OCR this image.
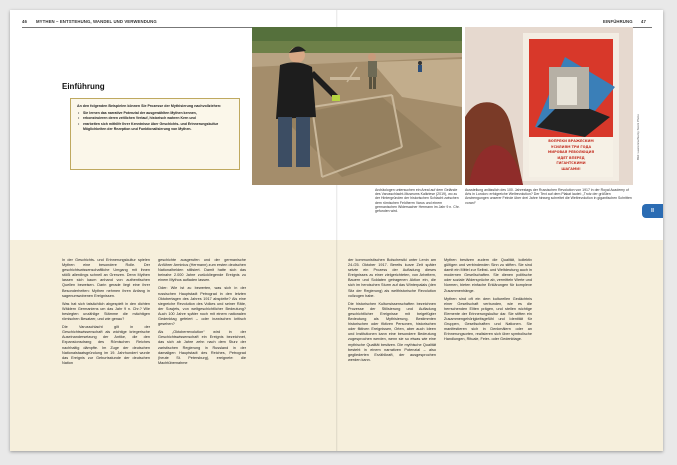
46 MYTHEN – ENTSTEHUNG, WANDEL UND VERWENDUNG	EINFÜHRUNG 47
Einführung
An den folgenden Beispielen können Sie Prozesse der Mythisierung nachvollziehen:
• Sie lernen das narrative Potenzial der ausgewählten Mythen kennen,
• rekonstruieren deren zeitlichen Verlauf, historisch wahren Kern und
• erarbeiten sich mithilfe Ihrer Kenntnisse über Geschichts- und Erinnerungskultur Möglichkeiten der Rezeption und Funktionalisierung von Mythen.
Archäologen untersuchen ein Areal auf dem Gelände des Varusschlacht-Museums Kalkriese (2019), wo zu der Hintergründen der historischen Schlacht zwischen dem römischen Feldherrn Varus und einem germanischen Widersacher Hermann im Jahr 9 n. Chr. gefunden wird.
ВОПРЕКИ ВРАЖЕСКИМ
УСИЛИЯМ ТРИ ГОДА
МИРОВАЯ РЕВОЛЮЦИЯ
ИДЕТ ВПЕРЕД
ГИГАНТСКИМИ
ШАГАМИ!
Bild: Lawrence/Alamy Stock Photo
Ausstellung anlässlich des 100. Jahrestags der Russischen Revolution von 1917 in der Royal Academy of Arts in London: erfolgreiche Weltrevolution? Der Text auf dem Plakat lautet: „Trotz der größten Anstrengungen unserer Feinde über drei Jahre hinweg schreitet die Weltrevolution in gigantischen Schritten voran!“
II

In der Geschichts- und Erinnerungskultur spielen Mythen eine besondere Rolle. Der geschichtswissenschaftliche Umgang mit ihnen stößt allerdings schnell an Grenzen. Denn Mythen lassen sich kaum anhand von authentischen Quellen beweisen. Darin gerade liegt eine ihrer Besonderheiten: Mythen nehmen ihren Anfang in sagenumwobenen Ereignissen.

Was hat sich tatsächlich abgespielt in den dichten Wäldern Germaniens um das Jahr 9 n. Chr.? Wie besiegten unzählige Stämme die mächtigen römischen Besatzer, und wie genau?

Die Varusschlacht gilt in der Geschichtswissenschaft als wichtige kriegerische Auseinandersetzung der Antike, die den Expansionsdrang des Römischen Reiches nachhaltig dämpfte. Im Zuge der deutschen Nationalstaatsgründung im 19. Jahrhundert wurde das Ereignis zur Geburtsstunde der deutschen Nation

geschichte ausgerufen und der germanische Anführer Arminius (Hermann) zum ersten deutschen Nationalhelden stilisiert. Damit hatte sich das beinahe 2.000 Jahre zurückliegende Ereignis zu einem Mythos aufladen lassen.

Oder: Wie ist zu bewerten, was sich in der russischen Hauptstadt Petrograd in den letzten Oktobertagen des Jahres 1917 abspielte? Als eine siegreiche Revolution des Volkes und seiner Räte, der Sowjets, von weltgeschichtlicher Bedeutung? Auch 100 Jahre später noch mit einem nationalen Gedenktag gefeiert – oder inzwischen kritisch gesehen?

Als „Oktoberrevolution“ wird in der Geschichtswissenschaft ein Ereignis bezeichnet, das sich ab Jahre zehn nach dem Sturz der zaristischen Regierung in Russland in der damaligen Hauptstadt des Reiches, Petrograd (heute St. Petersburg), ereignete: die Machtübernahme

der kommunistischen Bolschewiki unter Lenin am 24./25. Oktober 1917. Bereits kurze Zeit später setzte ein Prozess der Aufladung dieses Ereignisses zu einer zielgerichteten, von Arbeitern, Bauern und Soldaten getragenen Aktion ein, die sich im heroischen Sturm auf das Winterpalais (den Sitz der Regierung) als welthistorische Revolution vollzogen habe.

Die historischen Kulturwissenschaften bezeichnen Prozesse der Stilisierung und Aufladung geschichtlicher Ereignisse mit beigefügter Bedeutung als Mythisierung. Bestimmten historischen oder fiktiven Personen, historischen oder fiktiven Ereignissen, Orten, aber auch Ideen und Institutionen kann eine besondere Bedeutung zugesprochen werden, wenn sie so etwas wie eine mythische Qualität besitzen. Die mythische Qualität besteht in einem narrativen Potenzial – also gegliederten Erzählkraft, der ausgesprochen werden kann.

Mythen besitzen zudem die Qualität, kollektiv gültigen und verbindenden Sinn zu stiften. Sie sind damit ein Mittel zur Selbst- und Weltdeutung auch in modernen Gesellschaften. Sie dienen politische oder soziale Widersprüche ab, vermitteln Werte und Normen, bieten einfache Erklärungen für komplexe Zusammenhänge.

Mythen sind oft ein dem kulturellen Gedächtnis einer Gesellschaft verbunden, wie es die herrschenden Eliten prägen, und stellen wichtige Elemente der Erinnerungskultur dar. Sie stiften ein Zusammengehörigkeitsgefühl und Identität für Gruppen, Gesellschaften und Nationen. Sie manifestieren sich in Denkmälern oder an Erinnerungsorten, realisieren sich über symbolische Handlungen, Rituale, Feier- oder Gedenktage.
